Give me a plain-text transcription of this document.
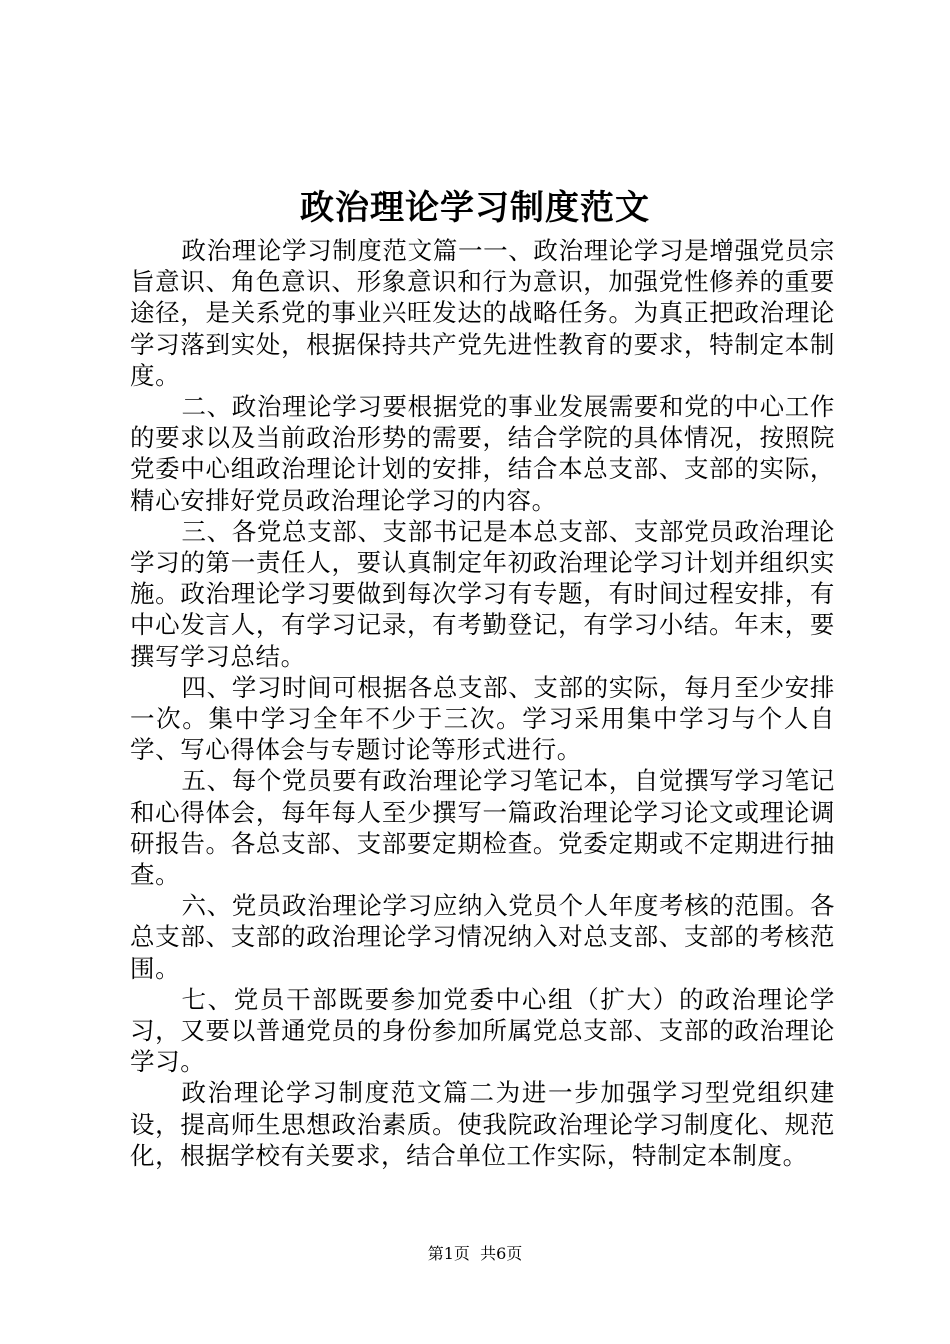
政治理论学习制度范文

政治理论学习制度范文篇一一、政治理论学习是增强党员宗旨意识、角色意识、形象意识和行为意识，加强党性修养的重要途径，是关系党的事业兴旺发达的战略任务。为真正把政治理论学习落到实处，根据保持共产党先进性教育的要求，特制定本制度。

二、政治理论学习要根据党的事业发展需要和党的中心工作的要求以及当前政治形势的需要，结合学院的具体情况，按照院党委中心组政治理论计划的安排，结合本总支部、支部的实际，精心安排好党员政治理论学习的内容。

三、各党总支部、支部书记是本总支部、支部党员政治理论学习的第一责任人，要认真制定年初政治理论学习计划并组织实施。政治理论学习要做到每次学习有专题，有时间过程安排，有中心发言人，有学习记录，有考勤登记，有学习小结。年末，要撰写学习总结。

四、学习时间可根据各总支部、支部的实际，每月至少安排一次。集中学习全年不少于三次。学习采用集中学习与个人自学、写心得体会与专题讨论等形式进行。

五、每个党员要有政治理论学习笔记本，自觉撰写学习笔记和心得体会，每年每人至少撰写一篇政治理论学习论文或理论调研报告。各总支部、支部要定期检查。党委定期或不定期进行抽查。

六、党员政治理论学习应纳入党员个人年度考核的范围。各总支部、支部的政治理论学习情况纳入对总支部、支部的考核范围。

七、党员干部既要参加党委中心组（扩大）的政治理论学习，又要以普通党员的身份参加所属党总支部、支部的政治理论学习。

政治理论学习制度范文篇二为进一步加强学习型党组织建设，提高师生思想政治素质。使我院政治理论学习制度化、规范化，根据学校有关要求，结合单位工作实际，特制定本制度。

第1页 共6页
